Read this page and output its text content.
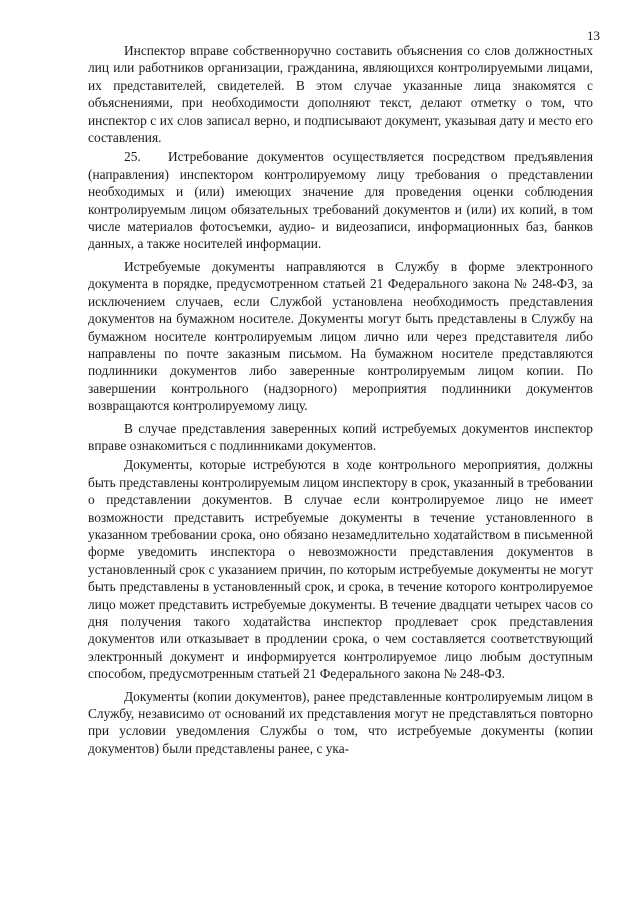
13

Инспектор вправе собственноручно составить объяснения со слов должностных лиц или работников организации, гражданина, являющихся контролируемыми лицами, их представителей, свидетелей. В этом случае указанные лица знакомятся с объяснениями, при необходимости дополняют текст, делают отметку о том, что инспектор с их слов записал верно, и подписывают документ, указывая дату и место его составления.

25. Истребование документов осуществляется посредством предъявления (направления) инспектором контролируемому лицу требования о представлении необходимых и (или) имеющих значение для проведения оценки соблюдения контролируемым лицом обязательных требований документов и (или) их копий, в том числе материалов фотосъемки, аудио- и видеозаписи, информационных баз, банков данных, а также носителей информации.

Истребуемые документы направляются в Службу в форме электронного документа в порядке, предусмотренном статьей 21 Федерального закона № 248-ФЗ, за исключением случаев, если Службой установлена необходимость представления документов на бумажном носителе. Документы могут быть представлены в Службу на бумажном носителе контролируемым лицом лично или через представителя либо направлены по почте заказным письмом. На бумажном носителе представляются подлинники документов либо заверенные контролируемым лицом копии. По завершении контрольного (надзорного) мероприятия подлинники документов возвращаются контролируемому лицу.

В случае представления заверенных копий истребуемых документов инспектор вправе ознакомиться с подлинниками документов.

Документы, которые истребуются в ходе контрольного мероприятия, должны быть представлены контролируемым лицом инспектору в срок, указанный в требовании о представлении документов. В случае если контролируемое лицо не имеет возможности представить истребуемые документы в течение установленного в указанном требовании срока, оно обязано незамедлительно ходатайством в письменной форме уведомить инспектора о невозможности представления документов в установленный срок с указанием причин, по которым истребуемые документы не могут быть представлены в установленный срок, и срока, в течение которого контролируемое лицо может представить истребуемые документы. В течение двадцати четырех часов со дня получения такого ходатайства инспектор продлевает срок представления документов или отказывает в продлении срока, о чем составляется соответствующий электронный документ и информируется контролируемое лицо любым доступным способом, предусмотренным статьей 21 Федерального закона № 248-ФЗ.

Документы (копии документов), ранее представленные контролируемым лицом в Службу, независимо от оснований их представления могут не представляться повторно при условии уведомления Службы о том, что истребуемые документы (копии документов) были представлены ранее, с ука-
